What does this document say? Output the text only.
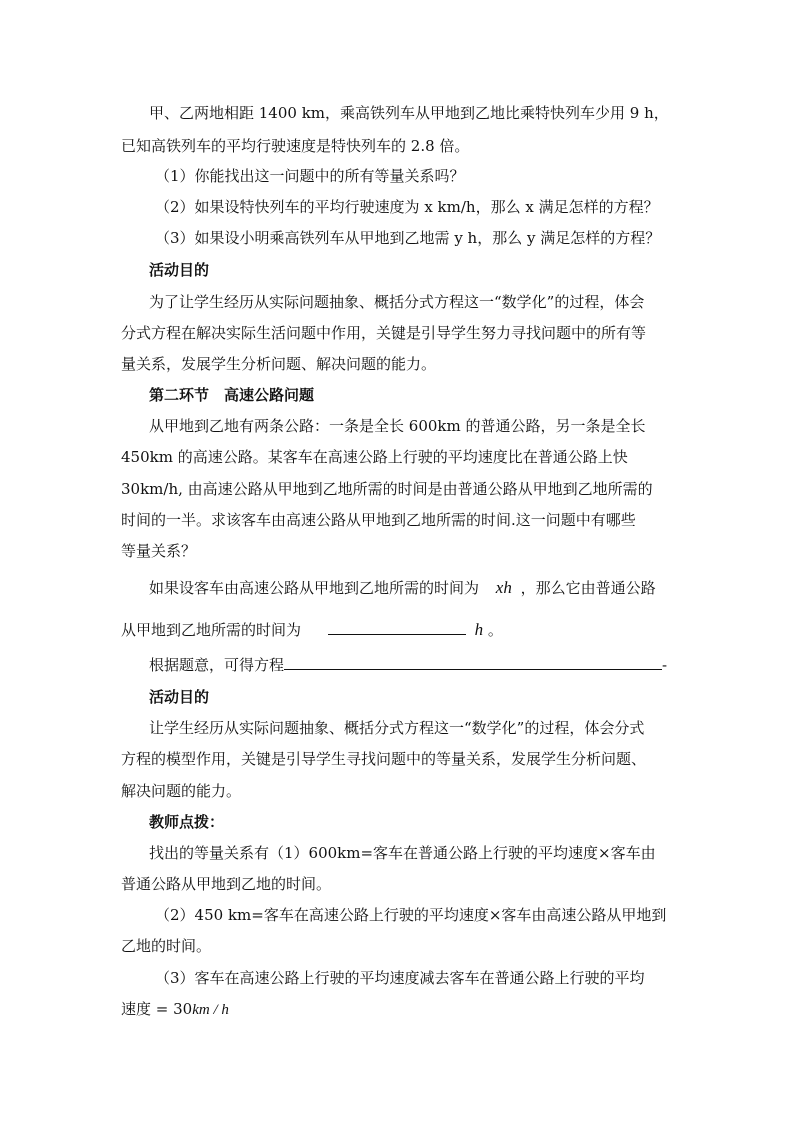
甲、乙两地相距 1400 km，乘高铁列车从甲地到乙地比乘特快列车少用 9 h，
已知高铁列车的平均行驶速度是特快列车的 2.8 倍。
（1）你能找出这一问题中的所有等量关系吗？
（2）如果设特快列车的平均行驶速度为 x km/h，那么 x 满足怎样的方程？
（3）如果设小明乘高铁列车从甲地到乙地需 y h，那么 y 满足怎样的方程？
活动目的
为了让学生经历从实际问题抽象、概括分式方程这一“数学化”的过程，体会
分式方程在解决实际生活问题中作用，关键是引导学生努力寻找问题中的所有等
量关系，发展学生分析问题、解决问题的能力。
第二环节　高速公路问题
从甲地到乙地有两条公路：一条是全长 600km 的普通公路，另一条是全长
450km 的高速公路。某客车在高速公路上行驶的平均速度比在普通公路上快
30km/h, 由高速公路从甲地到乙地所需的时间是由普通公路从甲地到乙地所需的
时间的一半。求该客车由高速公路从甲地到乙地所需的时间.这一问题中有哪些
等量关系？
如果设客车由高速公路从甲地到乙地所需的时间为 xh ，那么它由普通公路
从甲地到乙地所需的时间为	h 。
根据题意，可得方程	-
活动目的
让学生经历从实际问题抽象、概括分式方程这一“数学化”的过程，体会分式
方程的模型作用，关键是引导学生寻找问题中的等量关系，发展学生分析问题、
解决问题的能力。
教师点拨：
找出的等量关系有（1）600km=客车在普通公路上行驶的平均速度×客车由
普通公路从甲地到乙地的时间。
（2）450 km=客车在高速公路上行驶的平均速度×客车由高速公路从甲地到
乙地的时间。
（3）客车在高速公路上行驶的平均速度减去客车在普通公路上行驶的平均
速度 = 30km / h
